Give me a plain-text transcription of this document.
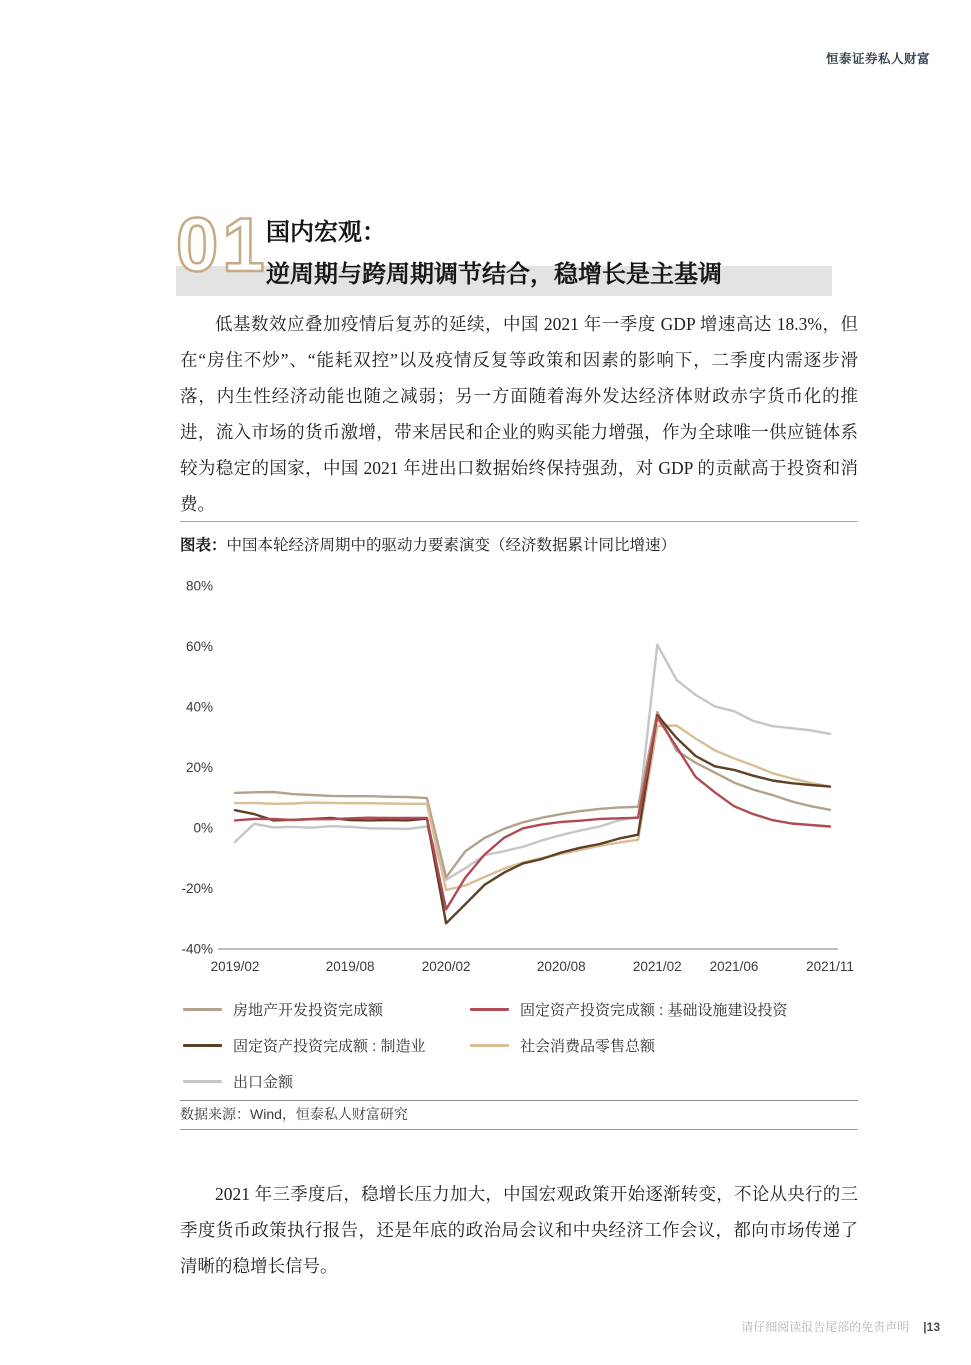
恒泰证券私人财富
01
国内宏观：
逆周期与跨周期调节结合，稳增长是主基调
低基数效应叠加疫情后复苏的延续，中国 2021 年一季度 GDP 增速高达 18.3%，但在“房住不炒”、“能耗双控”以及疫情反复等政策和因素的影响下，二季度内需逐步滑落，内生性经济动能也随之减弱；另一方面随着海外发达经济体财政赤字货币化的推进，流入市场的货币激增，带来居民和企业的购买能力增强，作为全球唯一供应链体系较为稳定的国家，中国 2021 年进出口数据始终保持强劲，对 GDP 的贡献高于投资和消费。
图表：中国本轮经济周期中的驱动力要素演变（经济数据累计同比增速）
80%
60%
40%
20%
0%
-20%
-40%
2019/02	2019/08	2020/02	2020/08	2021/02 2021/06	2021/11
房地产开发投资完成额	固定资产投资完成额 : 基础设施建设投资
固定资产投资完成额 : 制造业	社会消费品零售总额
出口金额
数据来源：Wind，恒泰私人财富研究
2021 年三季度后，稳增长压力加大，中国宏观政策开始逐渐转变，不论从央行的三季度货币政策执行报告，还是年底的政治局会议和中央经济工作会议，都向市场传递了清晰的稳增长信号。
请仔细阅读报告尾部的免责声明 |13
